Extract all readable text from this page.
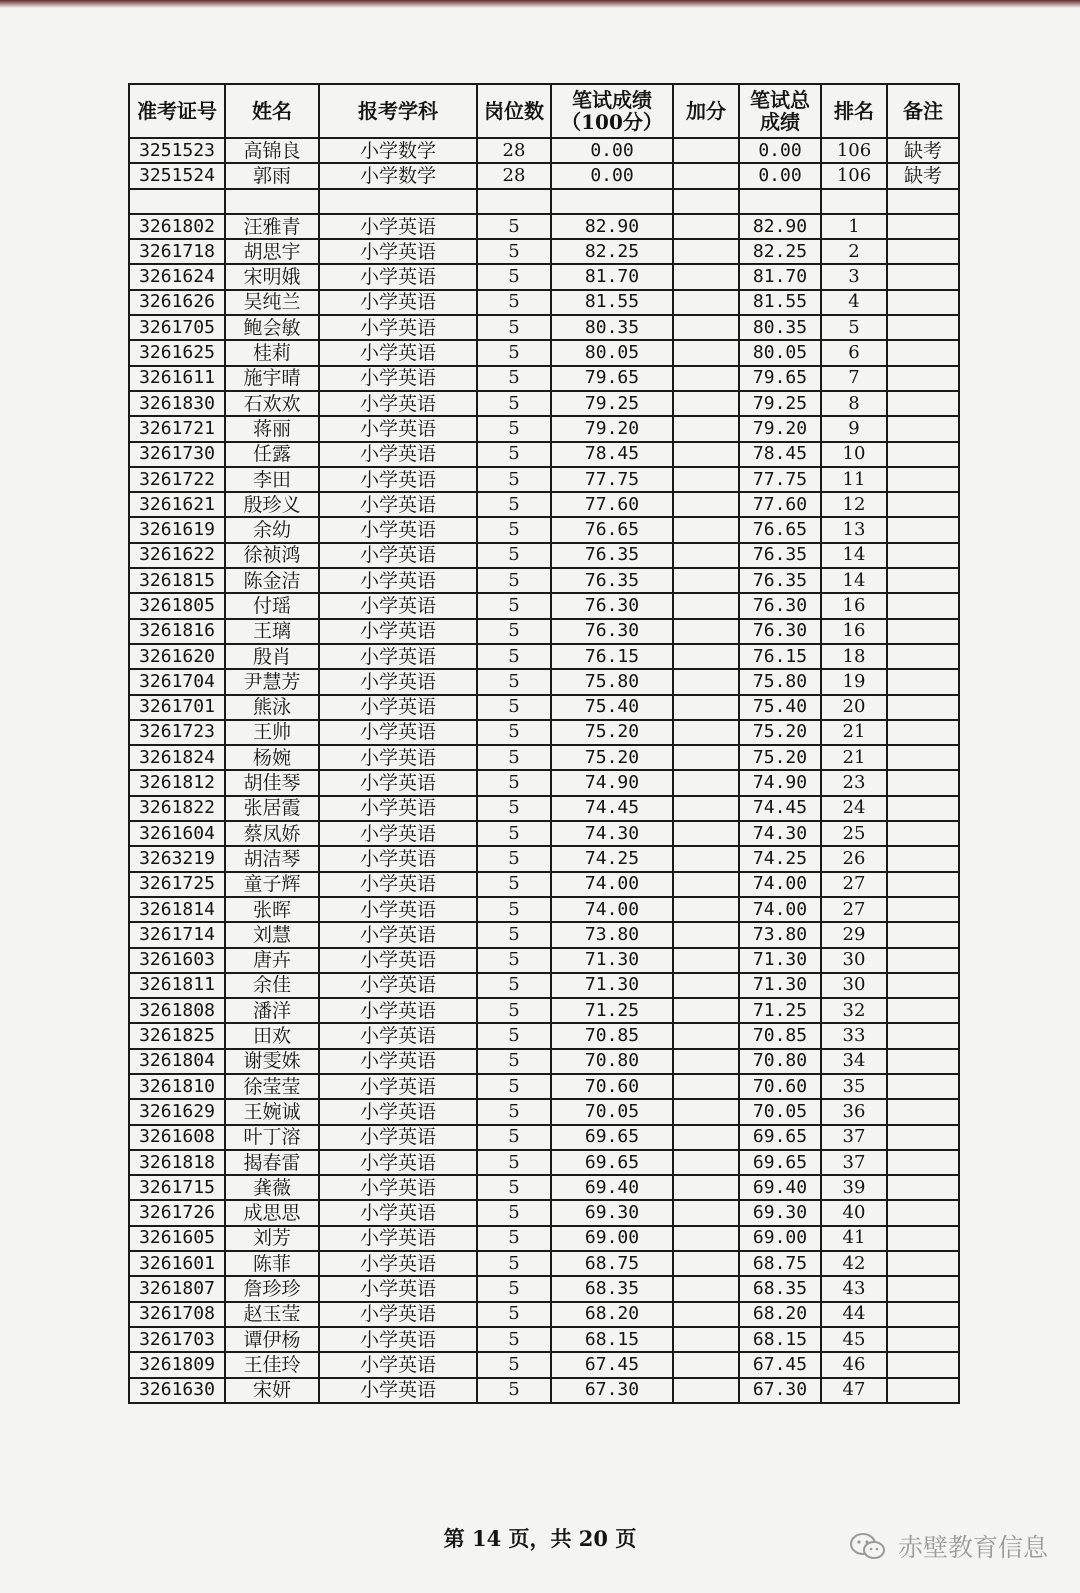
准考证号	姓名	报考学科	岗位数	笔试成绩（100分）	加分	笔试总成绩	排名	备注
3251523	高锦良	小学数学	28	0.00		0.00	106	缺考
3251524	郭雨	小学数学	28	0.00		0.00	106	缺考

3261802	汪雅青	小学英语	5	82.90		82.90	1	
3261718	胡思宇	小学英语	5	82.25		82.25	2	
3261624	宋明娥	小学英语	5	81.70		81.70	3	
3261626	吴纯兰	小学英语	5	81.55		81.55	4	
3261705	鲍会敏	小学英语	5	80.35		80.35	5	
3261625	桂莉	小学英语	5	80.05		80.05	6	
3261611	施宇晴	小学英语	5	79.65		79.65	7	
3261830	石欢欢	小学英语	5	79.25		79.25	8	
3261721	蒋丽	小学英语	5	79.20		79.20	9	
3261730	任露	小学英语	5	78.45		78.45	10	
3261722	李田	小学英语	5	77.75		77.75	11	
3261621	殷珍义	小学英语	5	77.60		77.60	12	
3261619	余幼	小学英语	5	76.65		76.65	13	
3261622	徐祯鸿	小学英语	5	76.35		76.35	14	
3261815	陈金洁	小学英语	5	76.35		76.35	14	
3261805	付瑶	小学英语	5	76.30		76.30	16	
3261816	王璃	小学英语	5	76.30		76.30	16	
3261620	殷肖	小学英语	5	76.15		76.15	18	
3261704	尹慧芳	小学英语	5	75.80		75.80	19	
3261701	熊泳	小学英语	5	75.40		75.40	20	
3261723	王帅	小学英语	5	75.20		75.20	21	
3261824	杨婉	小学英语	5	75.20		75.20	21	
3261812	胡佳琴	小学英语	5	74.90		74.90	23	
3261822	张居霞	小学英语	5	74.45		74.45	24	
3261604	蔡凤娇	小学英语	5	74.30		74.30	25	
3263219	胡洁琴	小学英语	5	74.25		74.25	26	
3261725	童子辉	小学英语	5	74.00		74.00	27	
3261814	张晖	小学英语	5	74.00		74.00	27	
3261714	刘慧	小学英语	5	73.80		73.80	29	
3261603	唐卉	小学英语	5	71.30		71.30	30	
3261811	余佳	小学英语	5	71.30		71.30	30	
3261808	潘洋	小学英语	5	71.25		71.25	32	
3261825	田欢	小学英语	5	70.85		70.85	33	
3261804	谢雯姝	小学英语	5	70.80		70.80	34	
3261810	徐莹莹	小学英语	5	70.60		70.60	35	
3261629	王婉诚	小学英语	5	70.05		70.05	36	
3261608	叶丁溶	小学英语	5	69.65		69.65	37	
3261818	揭春雷	小学英语	5	69.65		69.65	37	
3261715	龚薇	小学英语	5	69.40		69.40	39	
3261726	成思思	小学英语	5	69.30		69.30	40	
3261605	刘芳	小学英语	5	69.00		69.00	41	
3261601	陈菲	小学英语	5	68.75		68.75	42	
3261807	詹珍珍	小学英语	5	68.35		68.35	43	
3261708	赵玉莹	小学英语	5	68.20		68.20	44	
3261703	谭伊杨	小学英语	5	68.15		68.15	45	
3261809	王佳玲	小学英语	5	67.45		67.45	46	
3261630	宋妍	小学英语	5	67.30		67.30	47	
第 14 页，共 20 页	赤壁教育信息
